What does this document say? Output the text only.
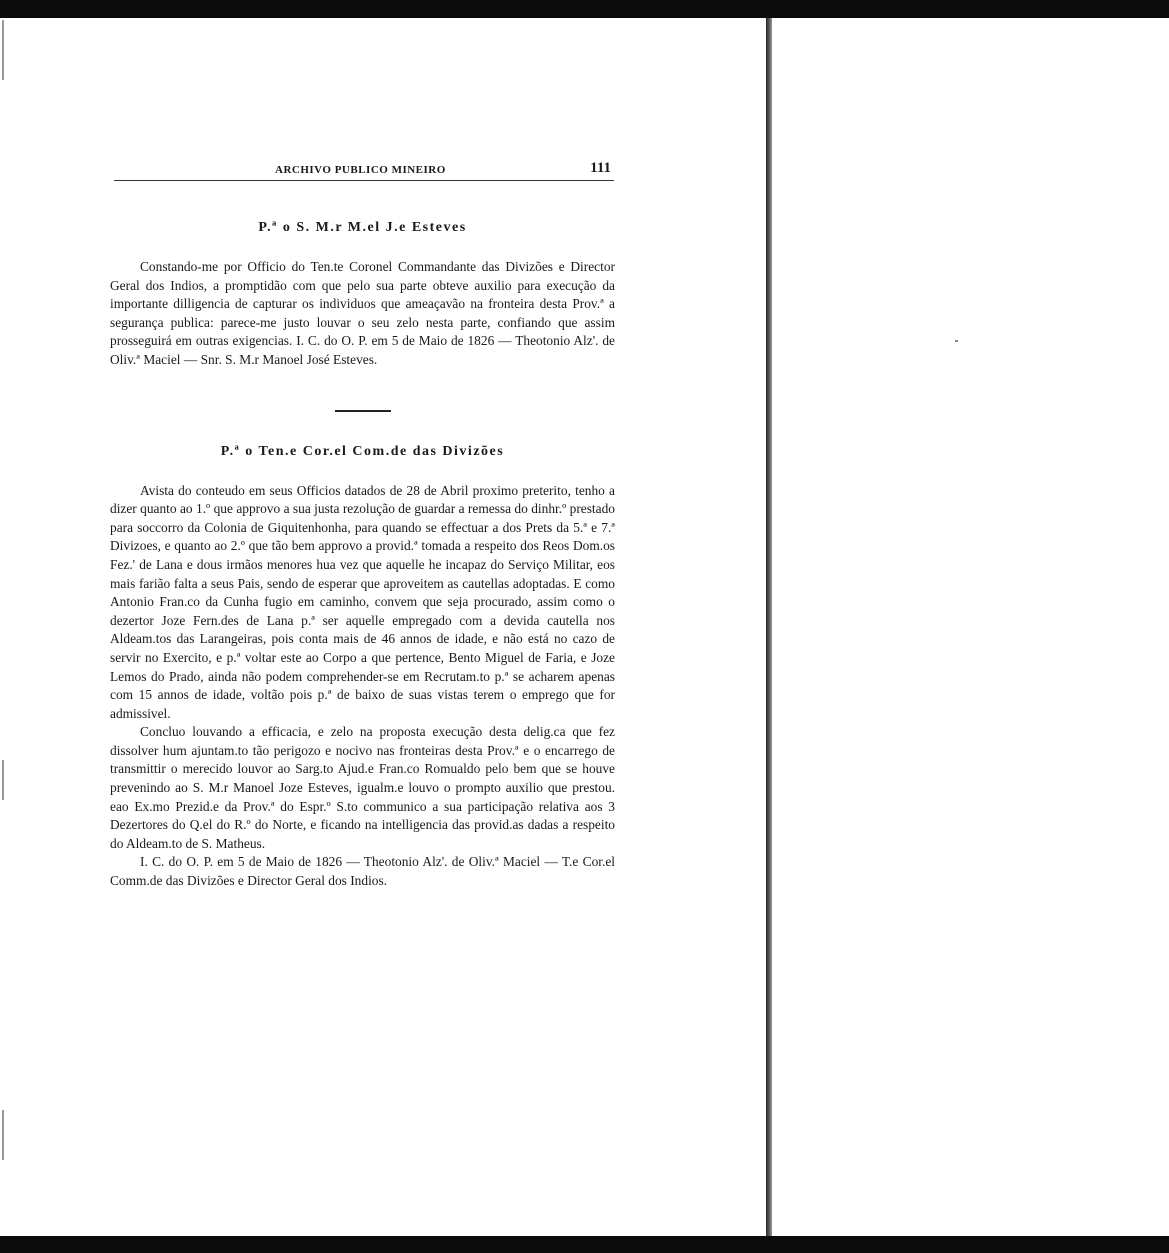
ARCHIVO PUBLICO MINEIRO	111

P.ª o S. M.r M.el J.e Esteves

Constando-me por Officio do Ten.te Coronel Commandante das Divizões e Director Geral dos Indios, a promptidão com que pelo sua parte obteve auxilio para execução da importante dilligencia de capturar os individuos que ameaçavão na fronteira desta Prov.ª a segurança publica: parece-me justo louvar o seu zelo nesta parte, confiando que assim prosseguirá em outras exigencias. I. C. do O. P. em 5 de Maio de 1826 — Theotonio Alz'. de Oliv.ª Maciel — Snr. S. M.r Manoel José Esteves.

P.ª o Ten.e Cor.el Com.de das Divizões

Avista do conteudo em seus Officios datados de 28 de Abril proximo preterito, tenho a dizer quanto ao 1.º que approvo a sua justa rezolução de guardar a remessa do dinhr.º prestado para soccorro da Colonia de Giquitenhonha, para quando se effectuar a dos Prets da 5.ª e 7.ª Divizoes, e quanto ao 2.º que tão bem approvo a provid.ª tomada a respeito dos Reos Dom.os Fez.' de Lana e dous irmãos menores hua vez que aquelle he incapaz do Serviço Militar, eos mais farião falta a seus Pais, sendo de esperar que aproveitem as cautellas adoptadas. E como Antonio Fran.co da Cunha fugio em caminho, convem que seja procurado, assim como o dezertor Joze Fern.des de Lana p.ª ser aquelle empregado com a devida cautella nos Aldeam.tos das Larangeiras, pois conta mais de 46 annos de idade, e não está no cazo de servir no Exercito, e p.ª voltar este ao Corpo a que pertence, Bento Miguel de Faria, e Joze Lemos do Prado, ainda não podem comprehender-se em Recrutam.to p.ª se acharem apenas com 15 annos de idade, voltão pois p.ª de baixo de suas vistas terem o emprego que for admissivel.

Concluo louvando a efficacia, e zelo na proposta execução desta delig.ca que fez dissolver hum ajuntam.to tão perigozo e nocivo nas fronteiras desta Prov.ª e o encarrego de transmittir o merecido louvor ao Sarg.to Ajud.e Fran.co Romualdo pelo bem que se houve prevenindo ao S. M.r Manoel Joze Esteves, igualm.e louvo o prompto auxilio que prestou. eao Ex.mo Prezid.e da Prov.ª do Espr.º S.to communico a sua participação relativa aos 3 Dezertores do Q.el do R.º do Norte, e ficando na intelligencia das provid.as dadas a respeito do Aldeam.to de S. Matheus.

I. C. do O. P. em 5 de Maio de 1826 — Theotonio Alz'. de Oliv.ª Maciel — T.e Cor.el Comm.de das Divizões e Director Geral dos Indios.
